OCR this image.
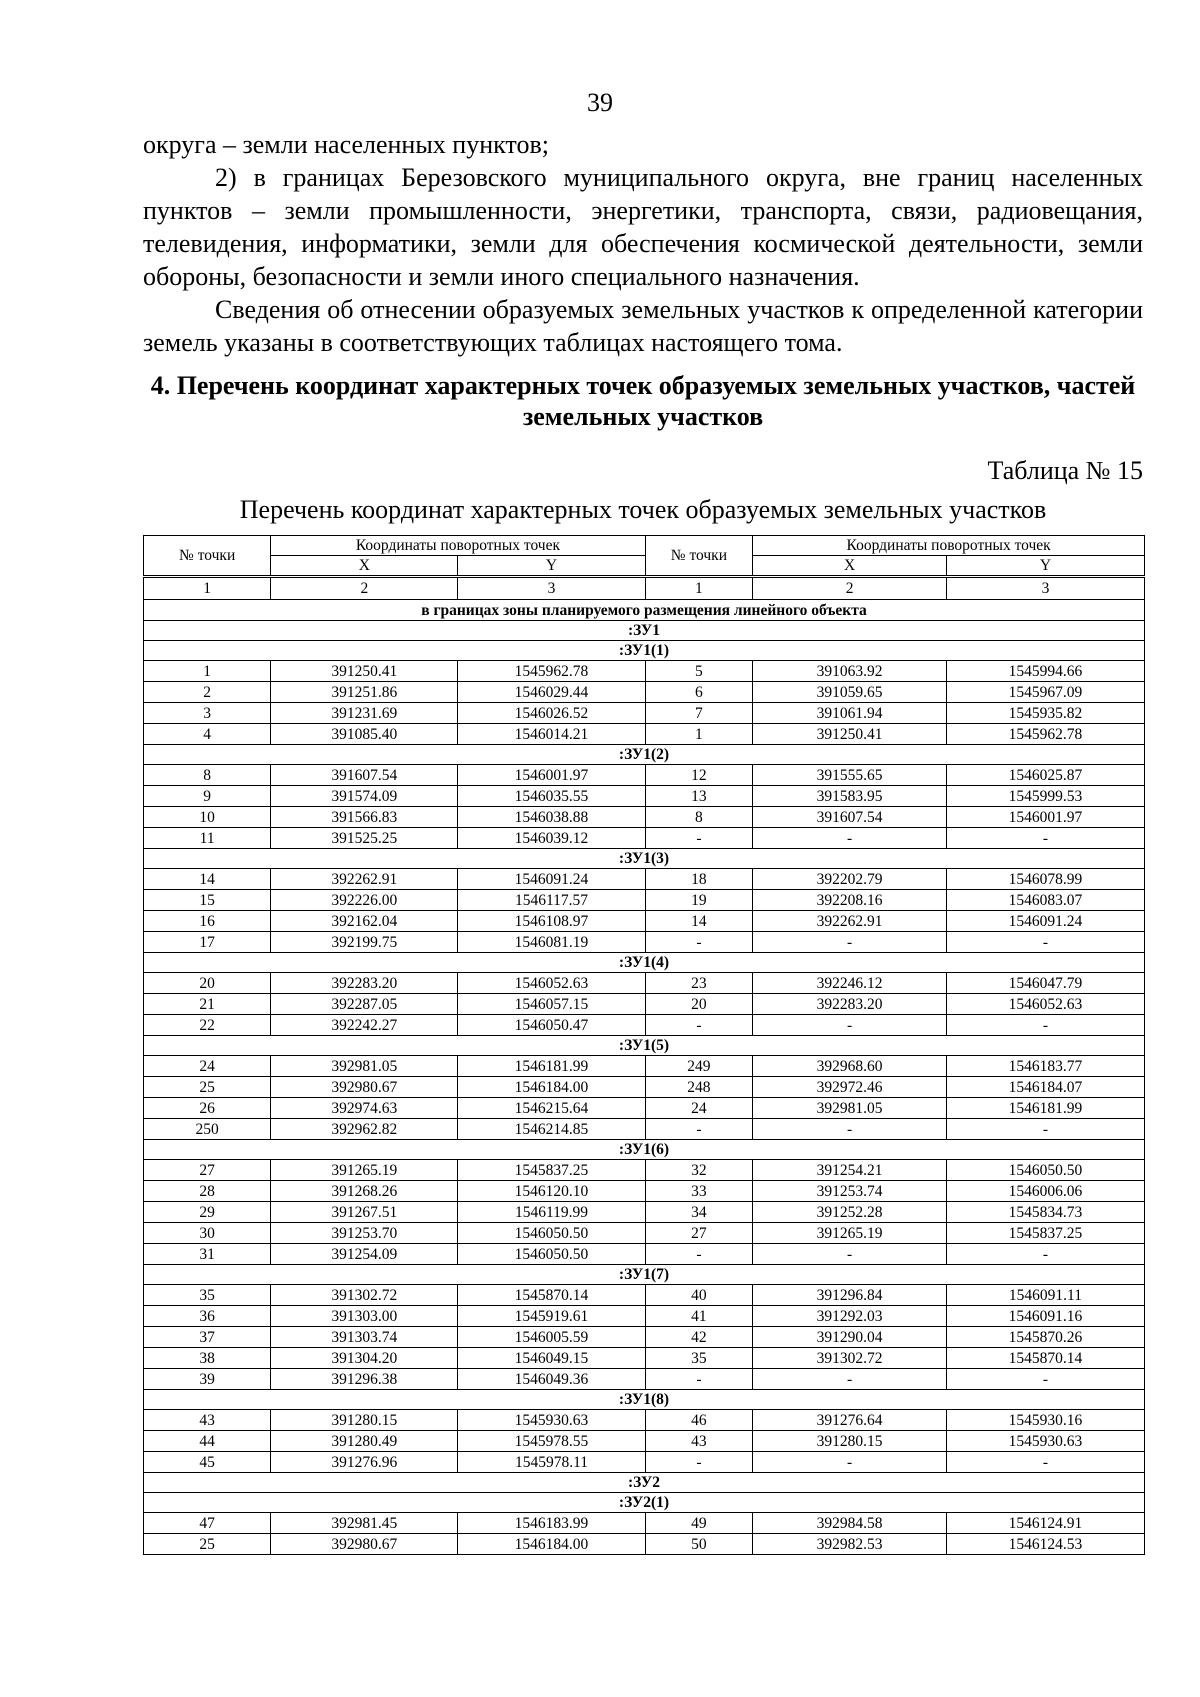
39

округа – земли населенных пунктов;

2) в границах Березовского муниципального округа, вне границ населенных пунктов – земли промышленности, энергетики, транспорта, связи, радиовещания, телевидения, информатики, земли для обеспечения космической деятельности, земли обороны, безопасности и земли иного специального назначения.

Сведения об отнесении образуемых земельных участков к определенной категории земель указаны в соответствующих таблицах настоящего тома.

4. Перечень координат характерных точек образуемых земельных участков, частей земельных участков
Таблица № 15
Перечень координат характерных точек образуемых земельных участков
№ точки	Координаты поворотных точек		№ точки	Координаты поворотных точек	
	X	Y		X	Y
1	2	3	1	2	3
в границах зоны планируемого размещения линейного объекта					
:ЗУ1					
:ЗУ1(1)					
1	391250.41	1545962.78	5	391063.92	1545994.66
2	391251.86	1546029.44	6	391059.65	1545967.09
3	391231.69	1546026.52	7	391061.94	1545935.82
4	391085.40	1546014.21	1	391250.41	1545962.78
:ЗУ1(2)					
8	391607.54	1546001.97	12	391555.65	1546025.87
9	391574.09	1546035.55	13	391583.95	1545999.53
10	391566.83	1546038.88	8	391607.54	1546001.97
11	391525.25	1546039.12	-	-	-
:ЗУ1(3)					
14	392262.91	1546091.24	18	392202.79	1546078.99
15	392226.00	1546117.57	19	392208.16	1546083.07
16	392162.04	1546108.97	14	392262.91	1546091.24
17	392199.75	1546081.19	-	-	-
:ЗУ1(4)					
20	392283.20	1546052.63	23	392246.12	1546047.79
21	392287.05	1546057.15	20	392283.20	1546052.63
22	392242.27	1546050.47	-	-	-
:ЗУ1(5)					
24	392981.05	1546181.99	249	392968.60	1546183.77
25	392980.67	1546184.00	248	392972.46	1546184.07
26	392974.63	1546215.64	24	392981.05	1546181.99
250	392962.82	1546214.85	-	-	-
:ЗУ1(6)					
27	391265.19	1545837.25	32	391254.21	1546050.50
28	391268.26	1546120.10	33	391253.74	1546006.06
29	391267.51	1546119.99	34	391252.28	1545834.73
30	391253.70	1546050.50	27	391265.19	1545837.25
31	391254.09	1546050.50	-	-	-
:ЗУ1(7)					
35	391302.72	1545870.14	40	391296.84	1546091.11
36	391303.00	1545919.61	41	391292.03	1546091.16
37	391303.74	1546005.59	42	391290.04	1545870.26
38	391304.20	1546049.15	35	391302.72	1545870.14
39	391296.38	1546049.36	-	-	-
:ЗУ1(8)					
43	391280.15	1545930.63	46	391276.64	1545930.16
44	391280.49	1545978.55	43	391280.15	1545930.63
45	391276.96	1545978.11	-	-	-
:ЗУ2					
:ЗУ2(1)					
47	392981.45	1546183.99	49	392984.58	1546124.91
25	392980.67	1546184.00	50	392982.53	1546124.53
